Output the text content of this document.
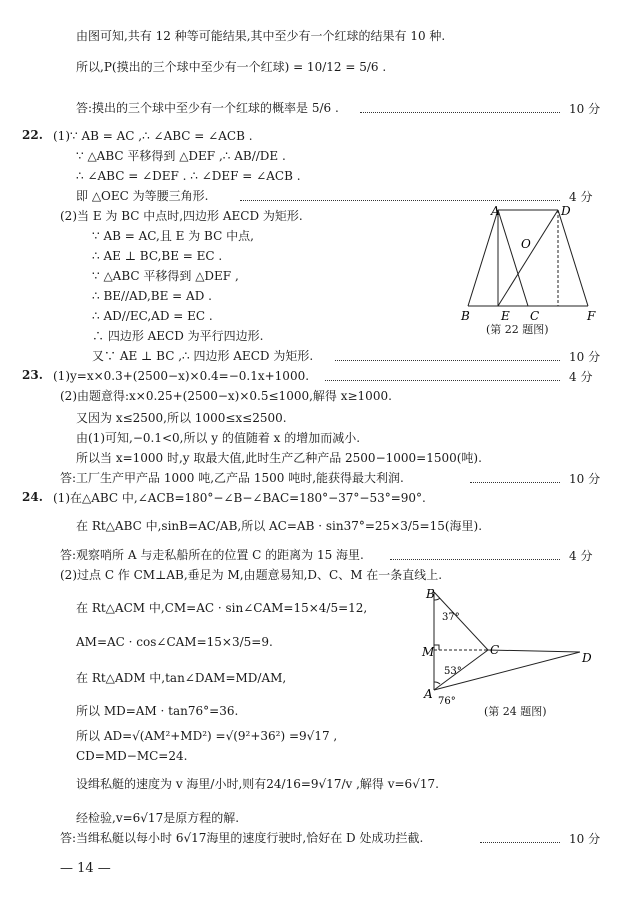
由图可知,共有 12 种等可能结果,其中至少有一个红球的结果有 10 种.
所以,P(摸出的三个球中至少有一个红球) = 10/12 = 5/6 .
答:摸出的三个球中至少有一个红球的概率是 5/6 .	10 分
22. (1)∵ AB = AC ,∴ ∠ABC = ∠ACB .
∵ △ABC 平移得到 △DEF ,∴ AB//DE .
∴ ∠ABC = ∠DEF . ∴ ∠DEF = ∠ACB .
即 △OEC 为等腰三角形.	4 分
(2)当 E 为 BC 中点时,四边形 AECD 为矩形.
∵ AB = AC,且 E 为 BC 中点,
∴ AE ⊥ BC,BE = EC .
∵ △ABC 平移得到 △DEF ,
∴ BE//AD,BE = AD .
∴ AD//EC,AD = EC .
∴ 四边形 AECD 为平行四边形.
又∵ AE ⊥ BC ,∴ 四边形 AECD 为矩形.	10 分
A	D
O
B	E C	F
(第 22 题图)
23. (1)y=x×0.3+(2500−x)×0.4=−0.1x+1000.	4 分
(2)由题意得:x×0.25+(2500−x)×0.5≤1000,解得 x≥1000.
又因为 x≤2500,所以 1000≤x≤2500.
由(1)可知,−0.1<0,所以 y 的值随着 x 的增加而减小.
所以当 x=1000 时,y 取最大值,此时生产乙种产品 2500−1000=1500(吨).
答:工厂生产甲产品 1000 吨,乙产品 1500 吨时,能获得最大利润.	10 分
24. (1)在△ABC 中,∠ACB=180°−∠B−∠BAC=180°−37°−53°=90°.
在 Rt△ABC 中,sinB=AC/AB,所以 AC=AB · sin37°=25×3/5=15(海里).
答:观察哨所 A 与走私船所在的位置 C 的距离为 15 海里.	4 分
(2)过点 C 作 CM⊥AB,垂足为 M,由题意易知,D、C、M 在一条直线上.
在 Rt△ACM 中,CM=AC · sin∠CAM=15×4/5=12,
AM=AC · cos∠CAM=15×3/5=9.
在 Rt△ADM 中,tan∠DAM=MD/AM,
所以 MD=AM · tan76°=36.
所以 AD=√(AM²+MD²) =√(9²+36²) =9√17 ,
CD=MD−MC=24.
设缉私艇的速度为 v 海里/小时,则有24/16=9√17/v ,解得 v=6√17.
经检验,v=6√17是原方程的解.
答:当缉私艇以每小时 6√17海里的速度行驶时,恰好在 D 处成功拦截.	10 分
B
M	C
D
A
37°
53°
76°
(第 24 题图)
— 14 —
